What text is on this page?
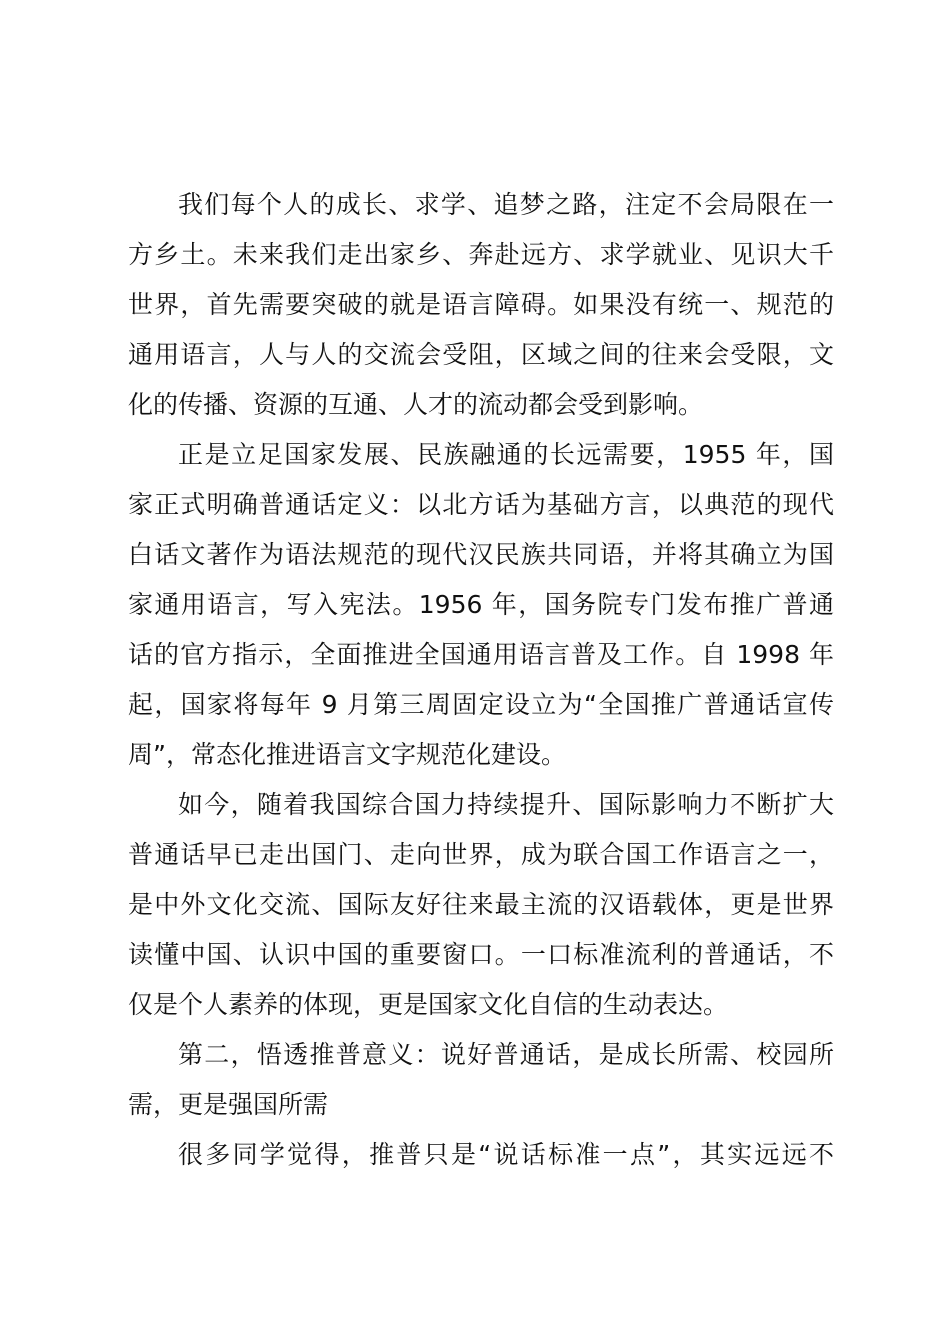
我们每个人的成长、求学、追梦之路，注定不会局限在一
方乡土。未来我们走出家乡、奔赴远方、求学就业、见识大千
世界，首先需要突破的就是语言障碍。如果没有统一、规范的
通用语言，人与人的交流会受阻，区域之间的往来会受限，文
化的传播、资源的互通、人才的流动都会受到影响。
正是立足国家发展、民族融通的长远需要，1955 年，国
家正式明确普通话定义：以北方话为基础方言，以典范的现代
白话文著作为语法规范的现代汉民族共同语，并将其确立为国
家通用语言，写入宪法。1956 年，国务院专门发布推广普通
话的官方指示，全面推进全国通用语言普及工作。自 1998 年
起，国家将每年 9 月第三周固定设立为“全国推广普通话宣传
周”，常态化推进语言文字规范化建设。
如今，随着我国综合国力持续提升、国际影响力不断扩大
普通话早已走出国门、走向世界，成为联合国工作语言之一，
是中外文化交流、国际友好往来最主流的汉语载体，更是世界
读懂中国、认识中国的重要窗口。一口标准流利的普通话，不
仅是个人素养的体现，更是国家文化自信的生动表达。
第二，悟透推普意义：说好普通话，是成长所需、校园所
需，更是强国所需
很多同学觉得，推普只是“说话标准一点”，其实远远不
